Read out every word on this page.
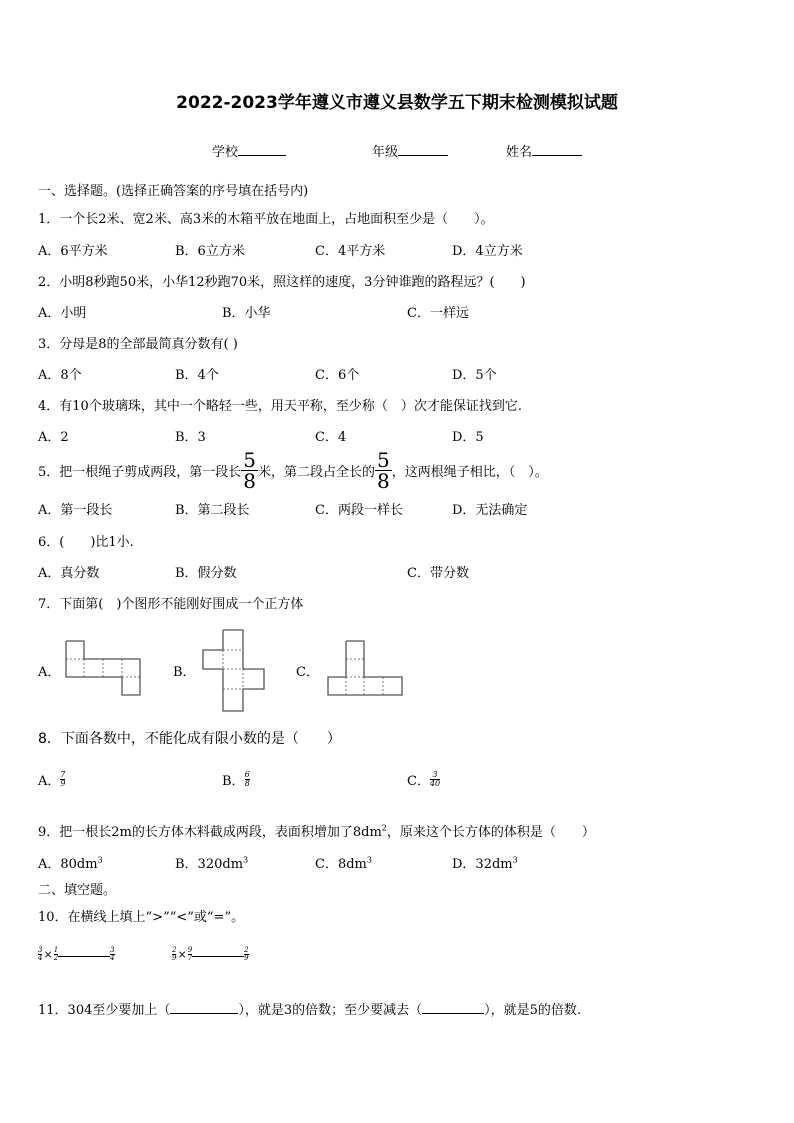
2022-2023学年遵义市遵义县数学五下期末检测模拟试题
学校	年级	姓名
一、选择题。(选择正确答案的序号填在括号内)
1．一个长2米、宽2米、高3米的木箱平放在地面上，占地面积至少是（　　）。
A．6平方米	B．6立方米	C．4平方米	D．4立方米
2．小明8秒跑50米，小华12秒跑70米，照这样的速度，3分钟谁跑的路程远？(　　)
A．小明	B．小华	C．一样远
3．分母是8的全部最简真分数有( )
A．8个	B．4个	C．6个	D．5个
4．有10个玻璃珠，其中一个略轻一些，用天平称，至少称（　）次才能保证找到它.
A．2	B．3	C．4	D．5
5．把一根绳子剪成两段，第一段长 $\frac{5}{8}$ 米，第二段占全长的 $\frac{5}{8}$ ，这两根绳子相比，（　）。
A．第一段长	B．第二段长	C．两段一样长	D．无法确定
6．(　　)比1小.
A．真分数	B．假分数	C．带分数
7．下面第(　)个图形不能刚好围成一个正方体
A．	B．	C．
8．下面各数中，不能化成有限小数的是（　　）
A． $\frac{7}{9}$	B． $\frac{6}{8}$	C． $\frac{3}{40}$
9．把一根长2m的长方体木料截成两段，表面积增加了$8dm^2$，原来这个长方体的体积是（　　）
A．$80dm^3$	B．$320dm^3$	C．$8dm^3$	D．$32dm^3$
二、填空题。
10．在横线上填上“>”“<”或“=”。
$\frac{3}{4} \times \frac{1}{2}$	$\frac{3}{4}$	$\frac{2}{9} \times \frac{9}{7}$	$\frac{2}{9}$
11．304至少要加上（	），就是3的倍数；至少要减去（	），就是5的倍数.
